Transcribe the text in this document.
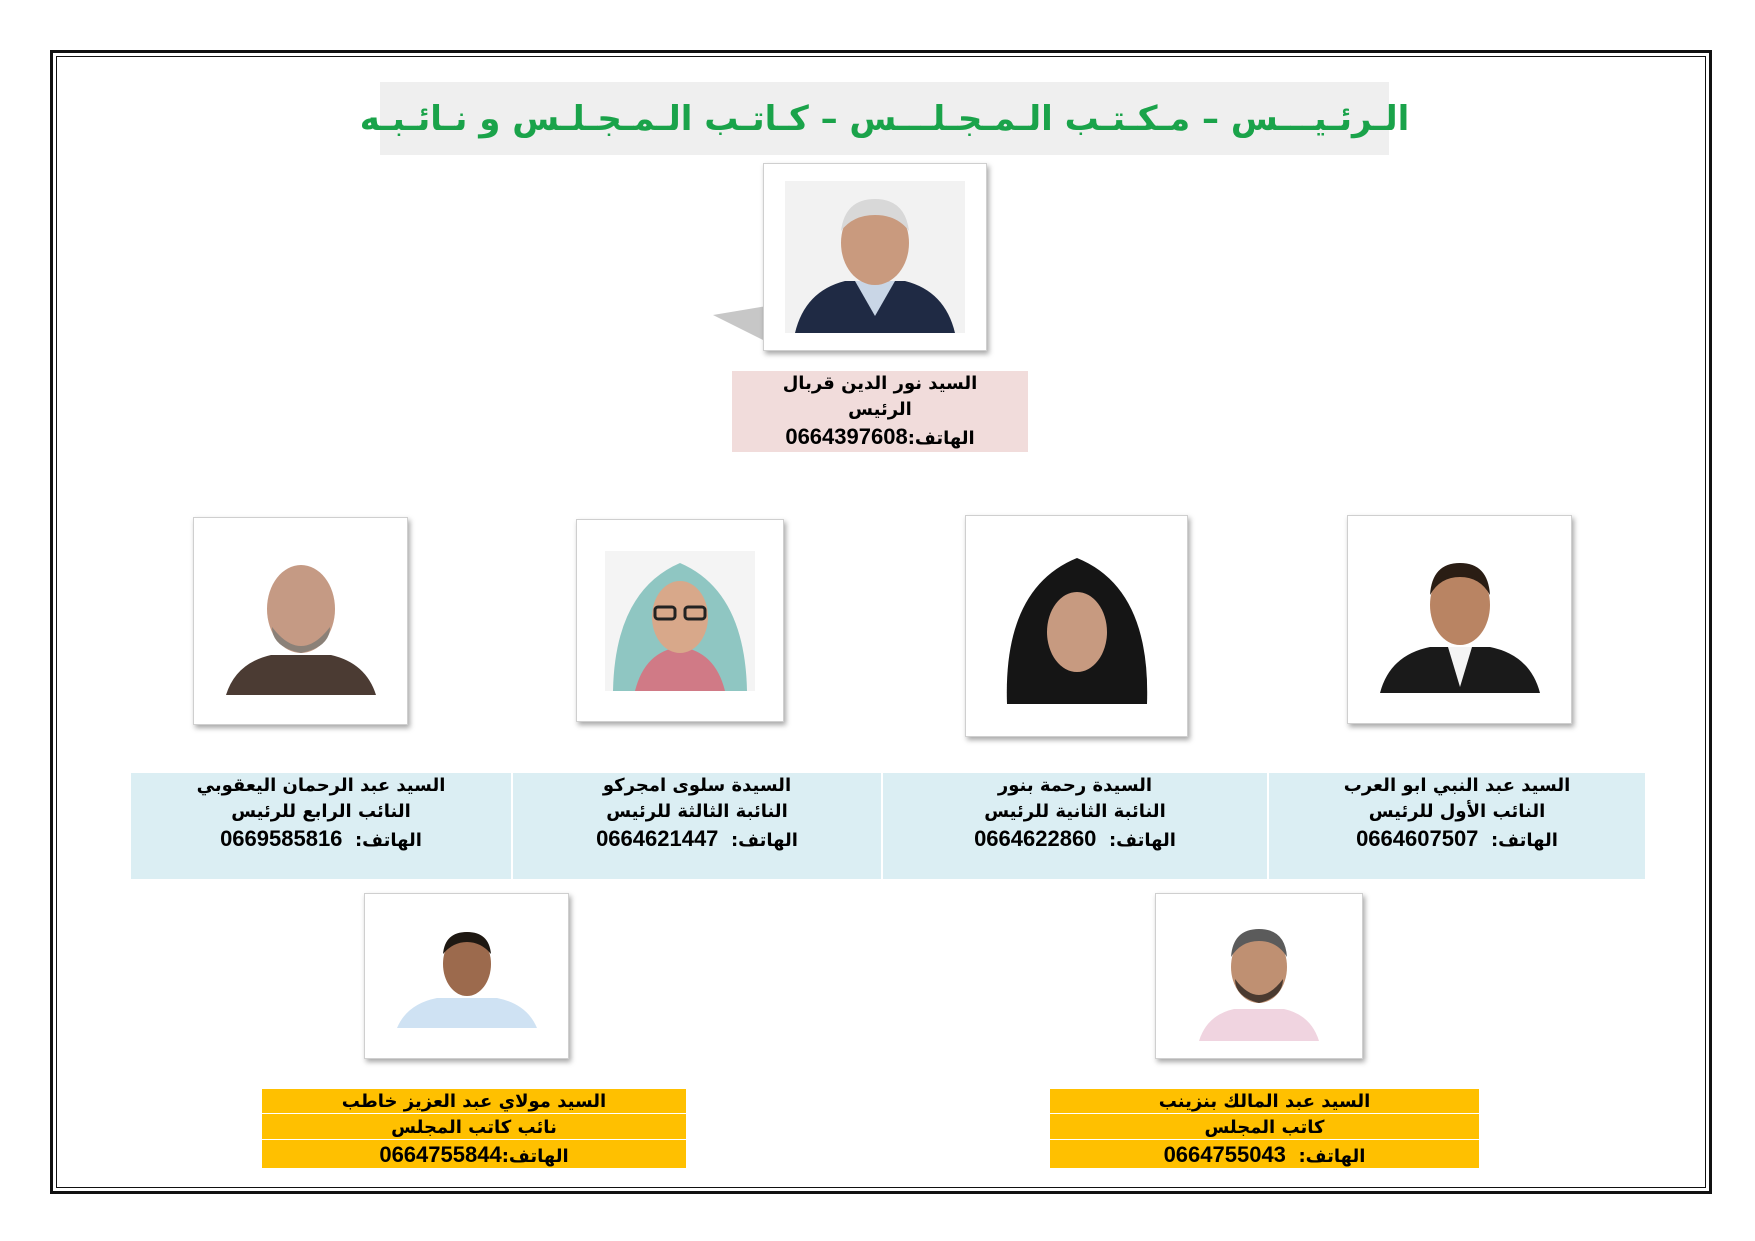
الـرئـيـــس – مـكـتـب الـمـجـلـــس – كـاتـب الـمـجـلـس و نـائـبـه
السيد نور الدين قربال
الرئيس
الهاتف:0664397608
السيد عبد النبي ابو العرب
النائب الأول للرئيس
الهاتف:  0664607507
السيدة رحمة بنور
النائبة الثانية للرئيس
الهاتف:  0664622860
السيدة سلوى امجركو
النائبة الثالثة للرئيس
الهاتف:  0664621447
السيد عبد الرحمان اليعقوبي
النائب الرابع للرئيس
الهاتف:  0669585816
السيد عبد المالك بنزينب
كاتب المجلس
الهاتف:  0664755043
السيد مولاي عبد العزيز خاطب
نائب كاتب المجلس
الهاتف:0664755844
